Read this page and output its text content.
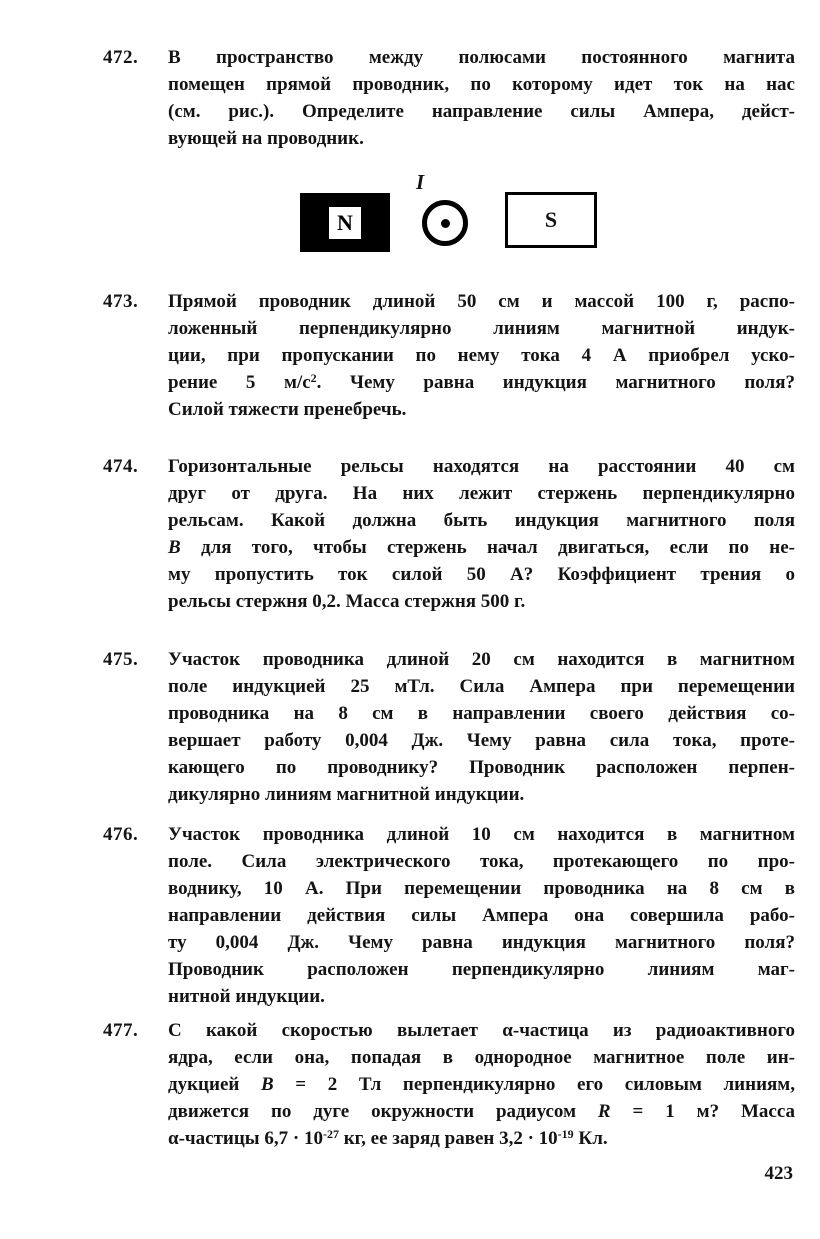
472.	В пространство между полюсами постоянного магнита
помещен прямой проводник, по которому идет ток на нас
(см. рис.). Определите направление силы Ампера, дейст-
вующей на проводник.
N
I
S
473.	Прямой проводник длиной 50 см и массой 100 г, распо-
ложенный перпендикулярно линиям магнитной индук-
ции, при пропускании по нему тока 4 А приобрел уско-
рение 5 $м/с^2$. Чему равна индукция магнитного поля?
Силой тяжести пренебречь.
474.	Горизонтальные рельсы находятся на расстоянии 40 см
друг от друга. На них лежит стержень перпендикулярно
рельсам. Какой должна быть индукция магнитного поля
B для того, чтобы стержень начал двигаться, если по не-
му пропустить ток силой 50 А? Коэффициент трения о
рельсы стержня 0,2. Масса стержня 500 г.
475.	Участок проводника длиной 20 см находится в магнитном
поле индукцией 25 мТл. Сила Ампера при перемещении
проводника на 8 см в направлении своего действия со-
вершает работу 0,004 Дж. Чему равна сила тока, проте-
кающего по проводнику? Проводник расположен перпен-
дикулярно линиям магнитной индукции.
476.	Участок проводника длиной 10 см находится в магнитном
поле. Сила электрического тока, протекающего по про-
воднику, 10 А. При перемещении проводника на 8 см в
направлении действия силы Ампера она совершила рабо-
ту 0,004 Дж. Чему равна индукция магнитного поля?
Проводник расположен перпендикулярно линиям маг-
нитной индукции.
477.	С какой скоростью вылетает α-частица из радиоактивного
ядра, если она, попадая в однородное магнитное поле ин-
дукцией B = 2 Тл перпендикулярно его силовым линиям,
движется по дуге окружности радиусом R = 1 м? Масса
α-частицы $6,7 \cdot 10^{-27}$ кг, ее заряд равен $3,2 \cdot 10^{-19}$ Кл.
423
